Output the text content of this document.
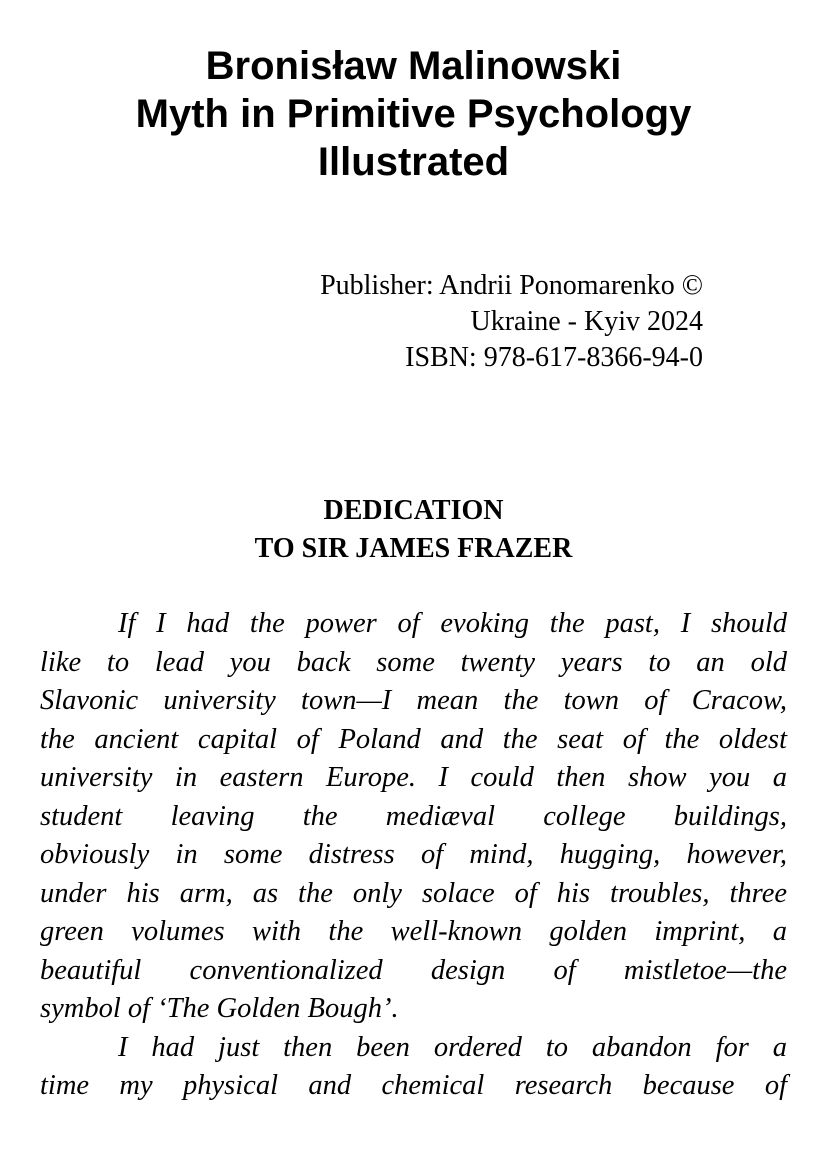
Bronisław Malinowski
Myth in Primitive Psychology
Illustrated
Publisher: Andrii Ponomarenko ©
Ukraine - Kyiv 2024
ISBN: 978-617-8366-94-0
DEDICATION
TO SIR JAMES FRAZER
If I had the power of evoking the past, I should
like to lead you back some twenty years to an old
Slavonic university town—I mean the town of Cracow,
the ancient capital of Poland and the seat of the oldest
university in eastern Europe. I could then show you a
student leaving the mediæval college buildings,
obviously in some distress of mind, hugging, however,
under his arm, as the only solace of his troubles, three
green volumes with the well-known golden imprint, a
beautiful conventionalized design of mistletoe—the
symbol of ‘The Golden Bough’.
I had just then been ordered to abandon for a
time my physical and chemical research because of
